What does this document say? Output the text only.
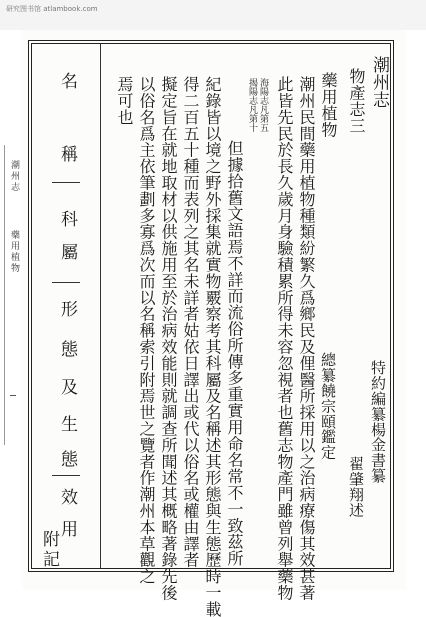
研究图书馆 atlambook.com
潮州志
藥用植物
潮州志
物產志三
特約編纂楊金書纂
翟肇翔述
藥用植物
總纂饒宗頤鑑定
潮州民間藥用植物種類紛繁久爲鄉民及俚醫所採用以之治病療傷其效甚著
此皆先民於長久歲月身驗積累所得未容忽視者也舊志物產門雖曾列舉藥物
海陽志凡第五
揭陽志凡第十
但據拾舊文語焉不詳而流俗所傳多重實用命名常不一致茲所
紀錄皆以境之野外採集就實物覈察考其科屬及名稱述其形態與生態歷時一載
得二百五十種而表列之其名未詳者姑依日譯出或代以俗名或權由譯者
擬定旨在就地取材以供施用至於治病效能則就調查所聞述其概略著錄先後
以俗名爲主依筆劃多寡爲次而以名稱索引附焉世之覽者作潮州本草觀之
焉可也
名
稱
科
屬
形
態
及
生
態
效
用
附
記
